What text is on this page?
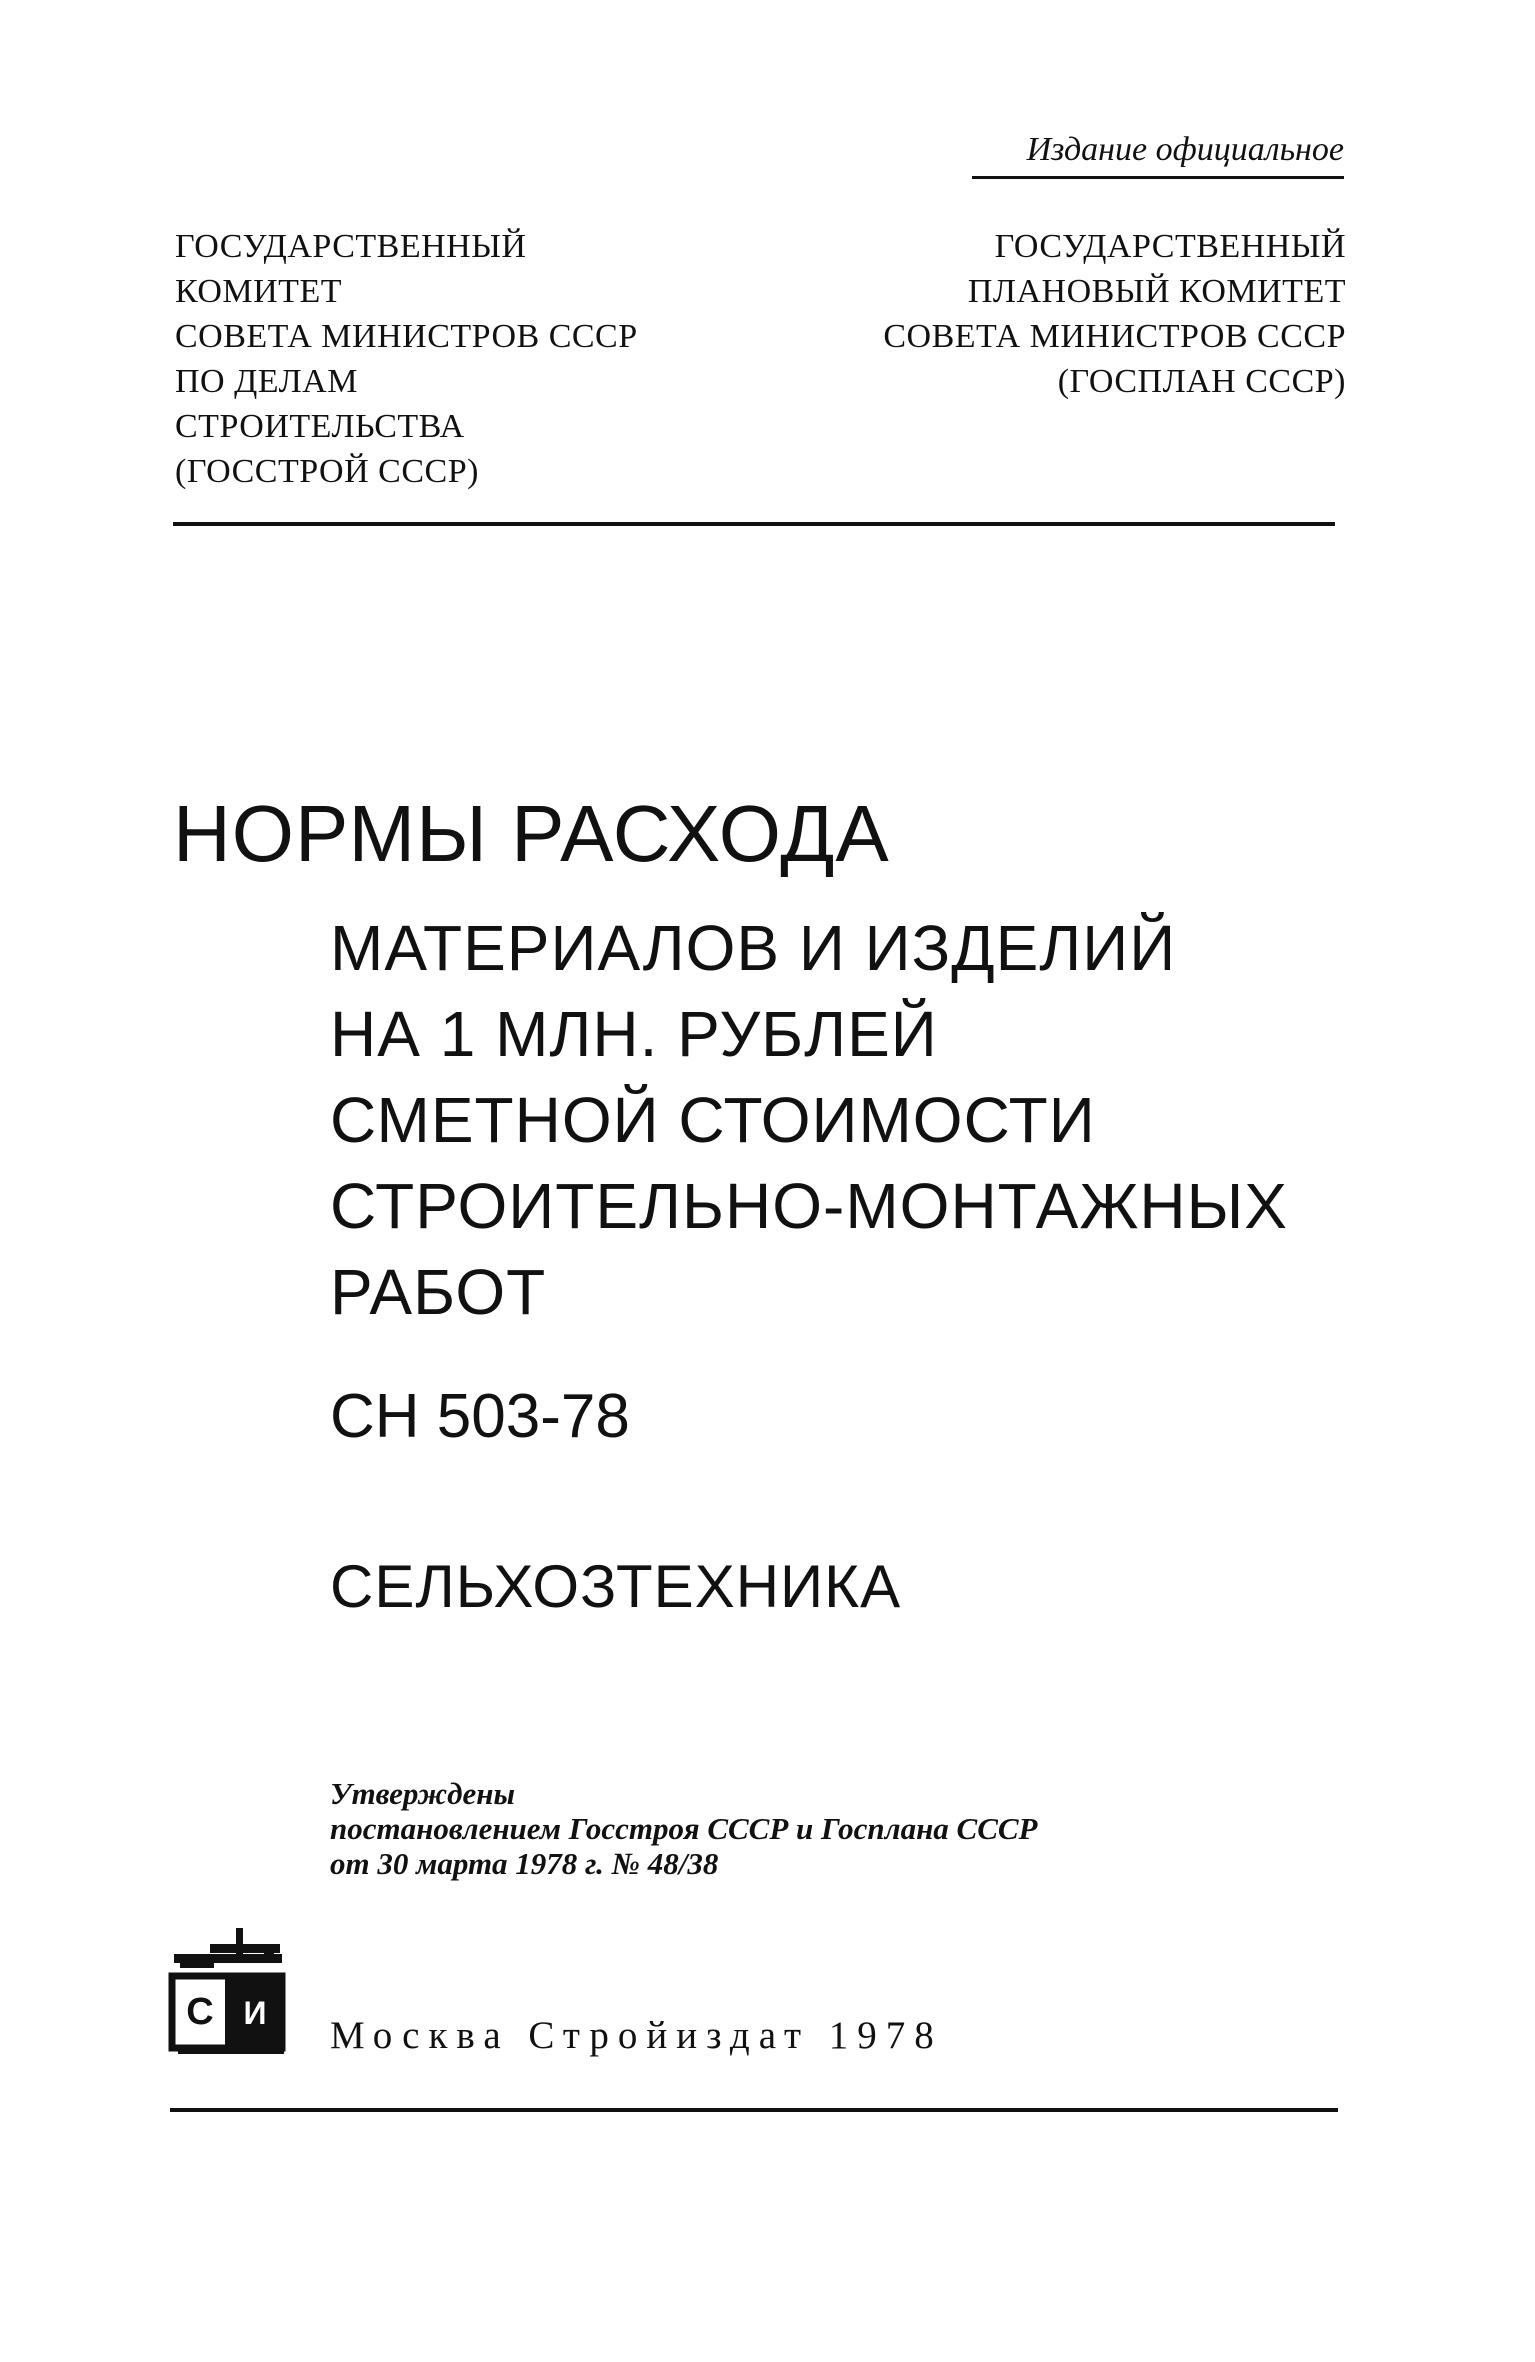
Издание официальное
ГОСУДАРСТВЕННЫЙ
КОМИТЕТ
СОВЕТА МИНИСТРОВ СССР
ПО ДЕЛАМ
СТРОИТЕЛЬСТВА
(ГОССТРОЙ СССР)
ГОСУДАРСТВЕННЫЙ
ПЛАНОВЫЙ КОМИТЕТ
СОВЕТА МИНИСТРОВ СССР
(ГОСПЛАН СССР)
НОРМЫ РАСХОДА
МАТЕРИАЛОВ И ИЗДЕЛИЙ
НА 1 МЛН. РУБЛЕЙ
СМЕТНОЙ СТОИМОСТИ
СТРОИТЕЛЬНО-МОНТАЖНЫХ
РАБОТ
СН 503-78
СЕЛЬХОЗТЕХНИКА
Утверждены
постановлением Госстроя СССР и Госплана СССР
от 30 марта 1978 г. № 48/38
С И
Москва Стройиздат 1978
